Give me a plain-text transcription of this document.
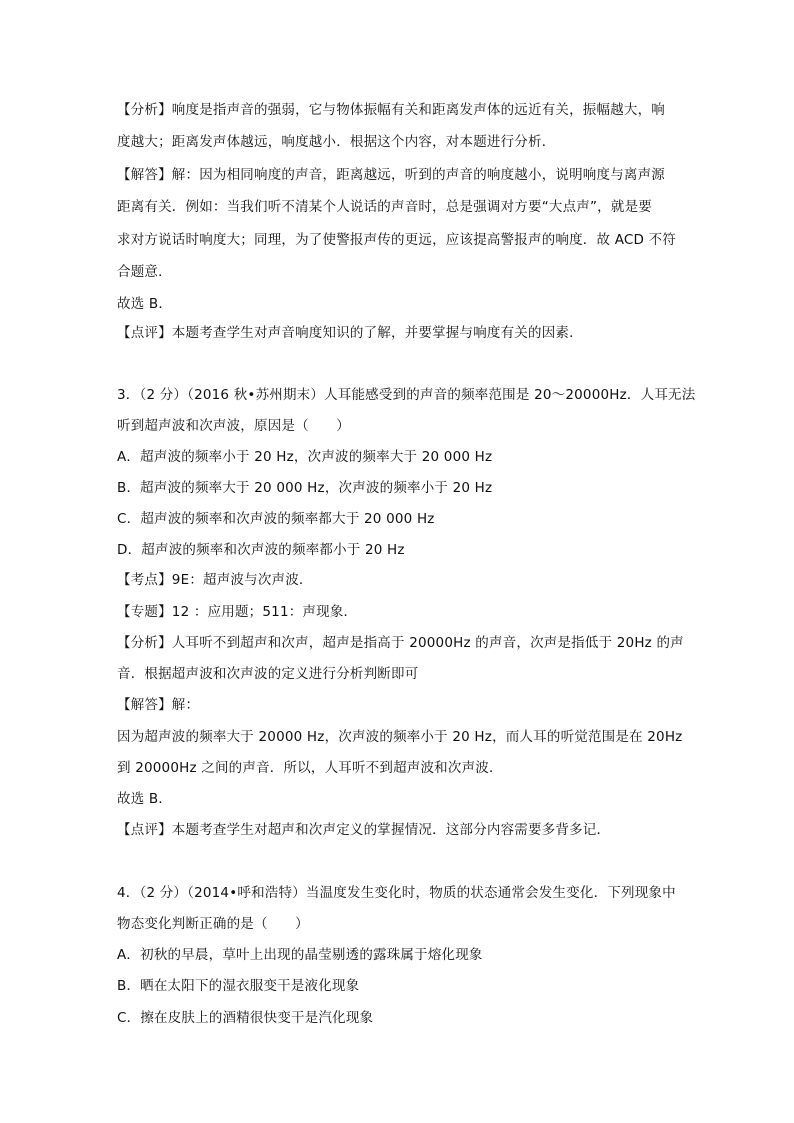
【分析】响度是指声音的强弱，它与物体振幅有关和距离发声体的远近有关，振幅越大，响
度越大；距离发声体越远，响度越小．根据这个内容，对本题进行分析．
【解答】解：因为相同响度的声音，距离越远，听到的声音的响度越小，说明响度与离声源
距离有关．例如：当我们听不清某个人说话的声音时，总是强调对方要“大点声”，就是要
求对方说话时响度大；同理，为了使警报声传的更远，应该提高警报声的响度．故 ACD 不符
合题意．
故选 B．
【点评】本题考查学生对声音响度知识的了解，并要掌握与响度有关的因素．
3．（2 分）（2016 秋•苏州期末）人耳能感受到的声音的频率范围是 20～20000Hz．人耳无法
听到超声波和次声波，原因是（　　）
A．超声波的频率小于 20 Hz，次声波的频率大于 20 000 Hz
B．超声波的频率大于 20 000 Hz，次声波的频率小于 20 Hz
C．超声波的频率和次声波的频率都大于 20 000 Hz
D．超声波的频率和次声波的频率都小于 20 Hz
【考点】9E：超声波与次声波．
【专题】12 ：应用题；511：声现象．
【分析】人耳听不到超声和次声，超声是指高于 20000Hz 的声音，次声是指低于 20Hz 的声
音．根据超声波和次声波的定义进行分析判断即可
【解答】解：
因为超声波的频率大于 20000 Hz，次声波的频率小于 20 Hz，而人耳的听觉范围是在 20Hz
到 20000Hz 之间的声音．所以，人耳听不到超声波和次声波．
故选 B．
【点评】本题考查学生对超声和次声定义的掌握情况．这部分内容需要多背多记．
4．（2 分）（2014•呼和浩特）当温度发生变化时，物质的状态通常会发生变化．下列现象中
物态变化判断正确的是（　　）
A．初秋的早晨，草叶上出现的晶莹剔透的露珠属于熔化现象
B．晒在太阳下的湿衣服变干是液化现象
C．擦在皮肤上的酒精很快变干是汽化现象
